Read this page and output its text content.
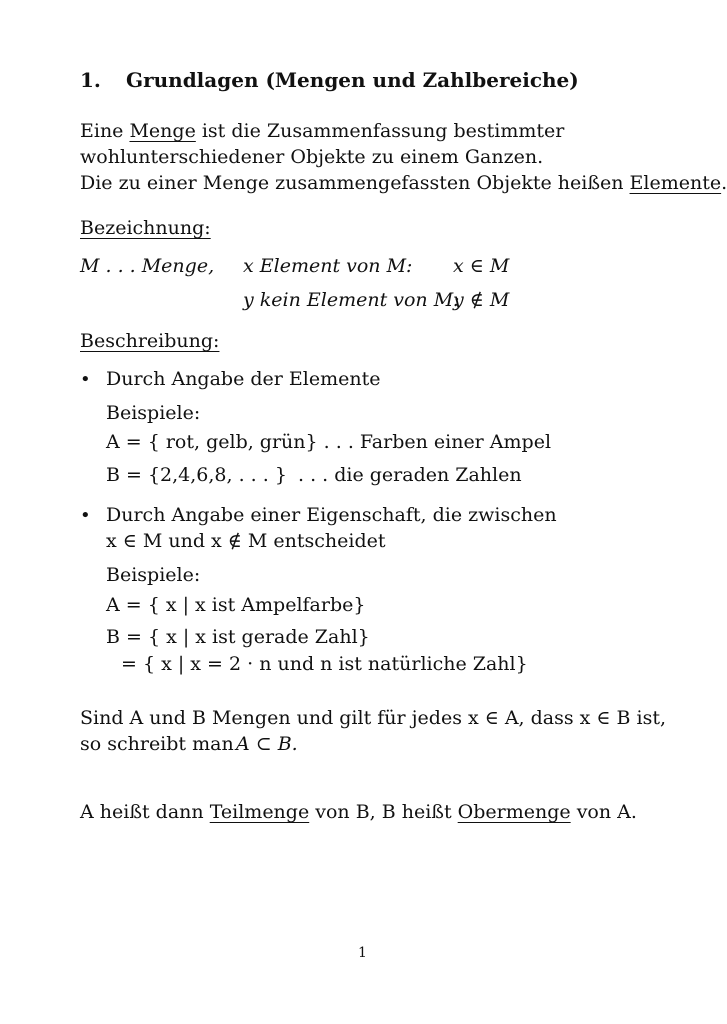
1. Grundlagen (Mengen und Zahlbereiche)
Eine Menge ist die Zusammenfassung bestimmter
wohlunterschiedener Objekte zu einem Ganzen.
Die zu einer Menge zusammengefassten Objekte heißen Elemente.
Bezeichnung:
M . . . Menge, x Element von M: x ∈ M
y kein Element von M:
y ∉ M
Beschreibung:
• Durch Angabe der Elemente
Beispiele:
A = { rot, gelb, grün} . . . Farben einer Ampel
B = {2,4,6,8, . . . } . . . die geraden Zahlen
• Durch Angabe einer Eigenschaft, die zwischen
x ∈ M und x ∉ M entscheidet
Beispiele:
A = { x | x ist Ampelfarbe}
B = { x | x ist gerade Zahl}
= { x | x = 2 · n und n ist natürliche Zahl}
Sind A und B Mengen und gilt für jedes x ∈ A, dass x ∈ B ist,
so schreibt man A ⊂ B.
A heißt dann Teilmenge von B, B heißt Obermenge von A.
1
